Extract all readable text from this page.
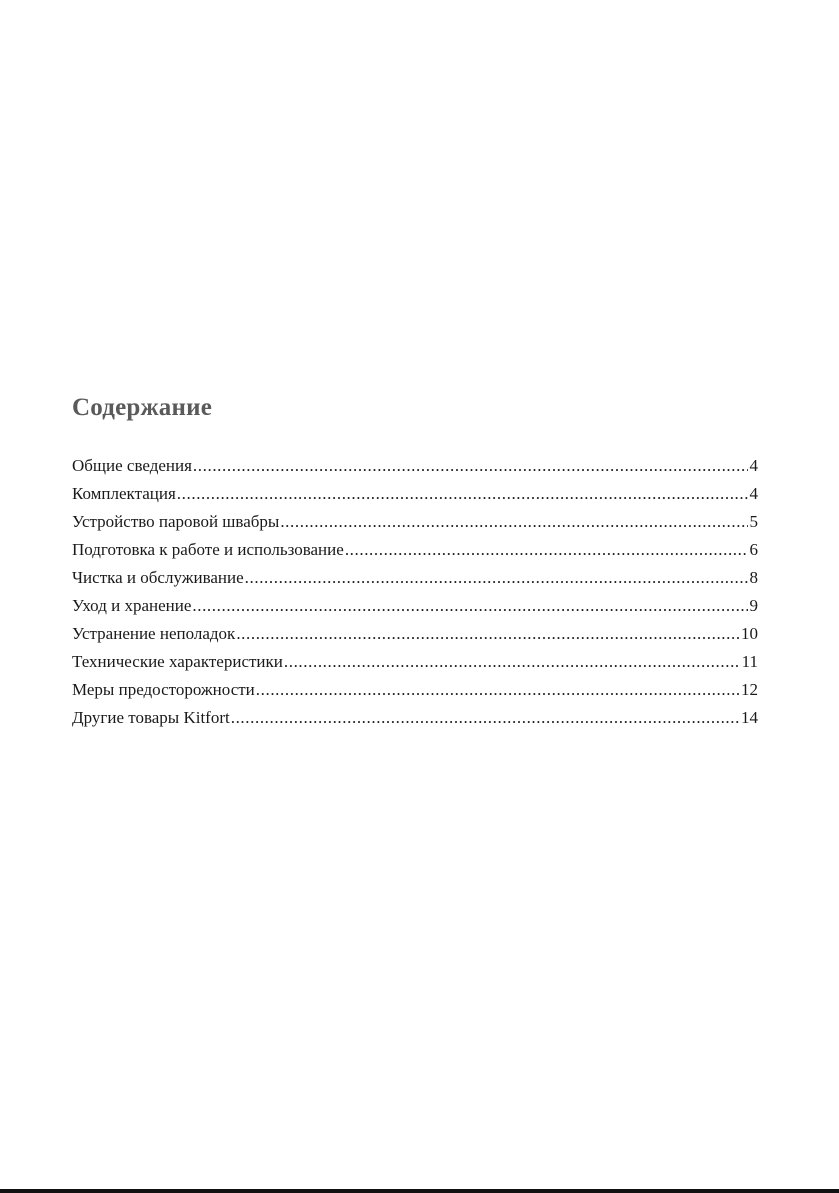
Содержание
Общие сведения .....	4
Комплектация .....	4
Устройство паровой швабры .....	5
Подготовка к работе и использование .....	6
Чистка и обслуживание .....	8
Уход и хранение .....	9
Устранение неполадок .....	10
Технические характеристики .....	11
Меры предосторожности .....	12
Другие товары Kitfort .....	14
